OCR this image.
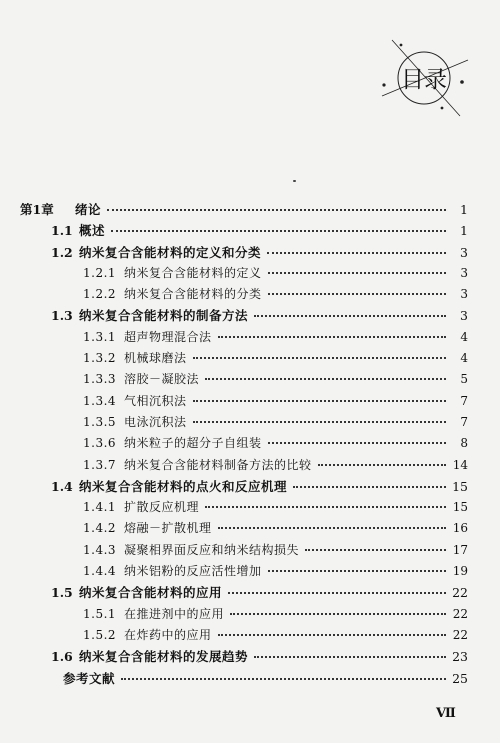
目录
第1章	绪论	1
1.1 概述	1
1.2 纳米复合含能材料的定义和分类	3
1.2.1 纳米复合含能材料的定义	3
1.2.2 纳米复合含能材料的分类	3
1.3 纳米复合含能材料的制备方法	3
1.3.1 超声物理混合法	4
1.3.2 机械球磨法	4
1.3.3 溶胶－凝胶法	5
1.3.4 气相沉积法	7
1.3.5 电泳沉积法	7
1.3.6 纳米粒子的超分子自组装	8
1.3.7 纳米复合含能材料制备方法的比较	14
1.4 纳米复合含能材料的点火和反应机理	15
1.4.1 扩散反应机理	15
1.4.2 熔融－扩散机理	16
1.4.3 凝聚相界面反应和纳米结构损失	17
1.4.4 纳米铝粉的反应活性增加	19
1.5 纳米复合含能材料的应用	22
1.5.1 在推进剂中的应用	22
1.5.2 在炸药中的应用	22
1.6 纳米复合含能材料的发展趋势	23
参考文献	25
Ⅶ
